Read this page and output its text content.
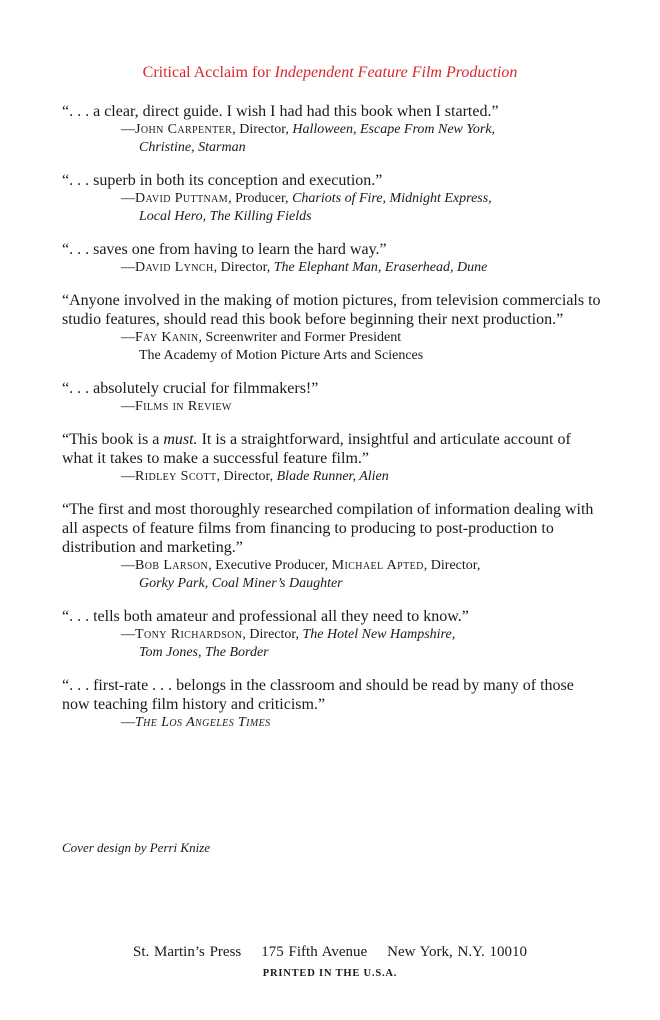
Critical Acclaim for Independent Feature Film Production
“. . . a clear, direct guide. I wish I had had this book when I started.”
—John Carpenter, Director, Halloween, Escape From New York,
Christine, Starman
“. . . superb in both its conception and execution.”
—David Puttnam, Producer, Chariots of Fire, Midnight Express,
Local Hero, The Killing Fields
“. . . saves one from having to learn the hard way.”
—David Lynch, Director, The Elephant Man, Eraserhead, Dune
“Anyone involved in the making of motion pictures, from television commercials to studio features, should read this book before beginning their next production.”
—Fay Kanin, Screenwriter and Former President
The Academy of Motion Picture Arts and Sciences
“. . . absolutely crucial for filmmakers!”
—Films in Review
“This book is a must. It is a straightforward, insightful and articulate account of what it takes to make a successful feature film.”
—Ridley Scott, Director, Blade Runner, Alien
“The first and most thoroughly researched compilation of information dealing with all aspects of feature films from financing to producing to post-production to distribution and marketing.”
—Bob Larson, Executive Producer, Michael Apted, Director,
Gorky Park, Coal Miner’s Daughter
“. . . tells both amateur and professional all they need to know.”
—Tony Richardson, Director, The Hotel New Hampshire,
Tom Jones, The Border
“. . . first-rate . . . belongs in the classroom and should be read by many of those now teaching film history and criticism.”
—The Los Angeles Times
Cover design by Perri Knize
St. Martin’s Press 175 Fifth Avenue New York, N.Y. 10010
PRINTED IN THE U.S.A.
